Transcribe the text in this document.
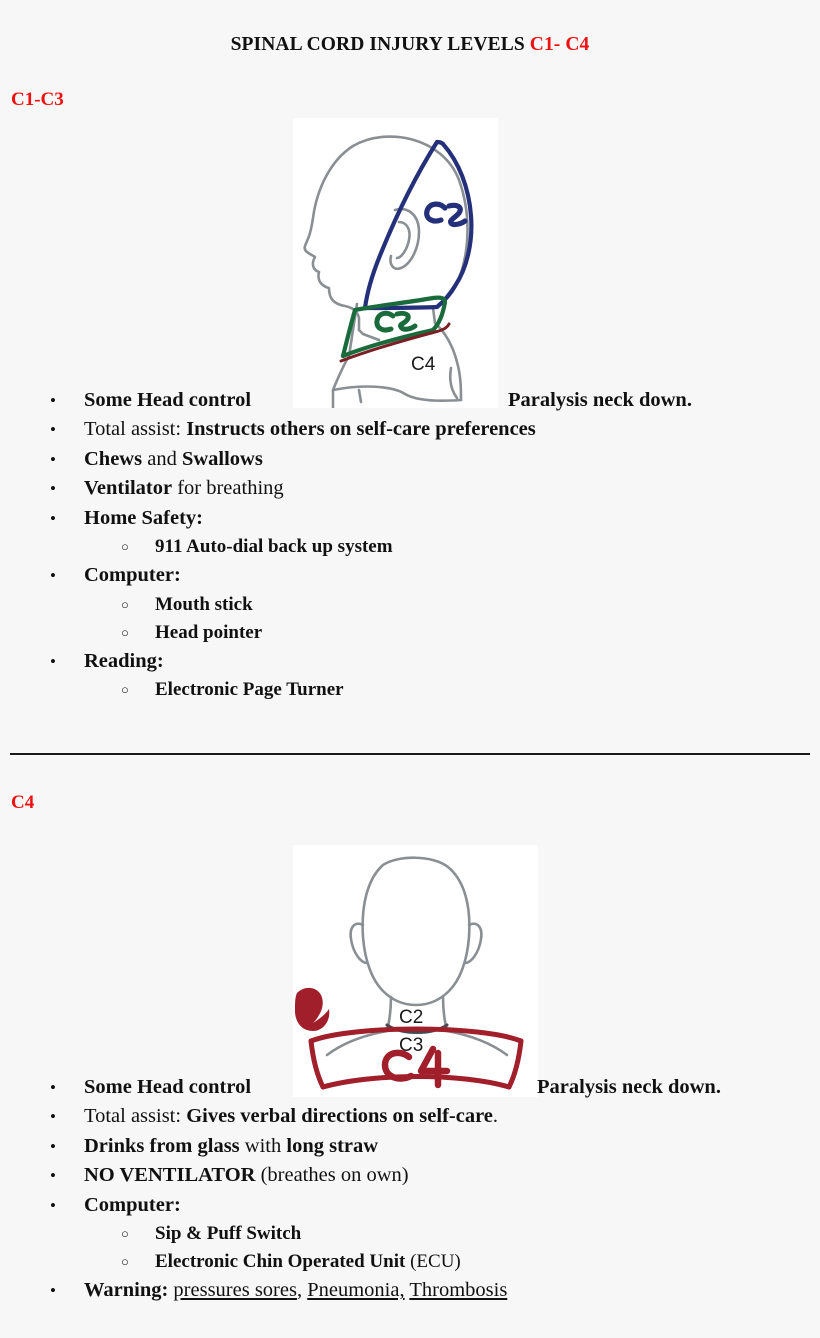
SPINAL CORD INJURY LEVELS C1- C4
C1-C3
C4
• Some Head control	Paralysis neck down.
• Total assist: Instructs others on self-care preferences
• Chews and Swallows
• Ventilator for breathing
• Home Safety:
○ 911 Auto-dial back up system
• Computer:
○ Mouth stick
○ Head pointer
• Reading:
○ Electronic Page Turner
C4
C2
C3
• Some Head control	Paralysis neck down.
• Total assist: Gives verbal directions on self-care.
• Drinks from glass with long straw
• NO VENTILATOR (breathes on own)
• Computer:
○ Sip & Puff Switch
○ Electronic Chin Operated Unit (ECU)
• Warning: pressures sores, Pneumonia, Thrombosis
